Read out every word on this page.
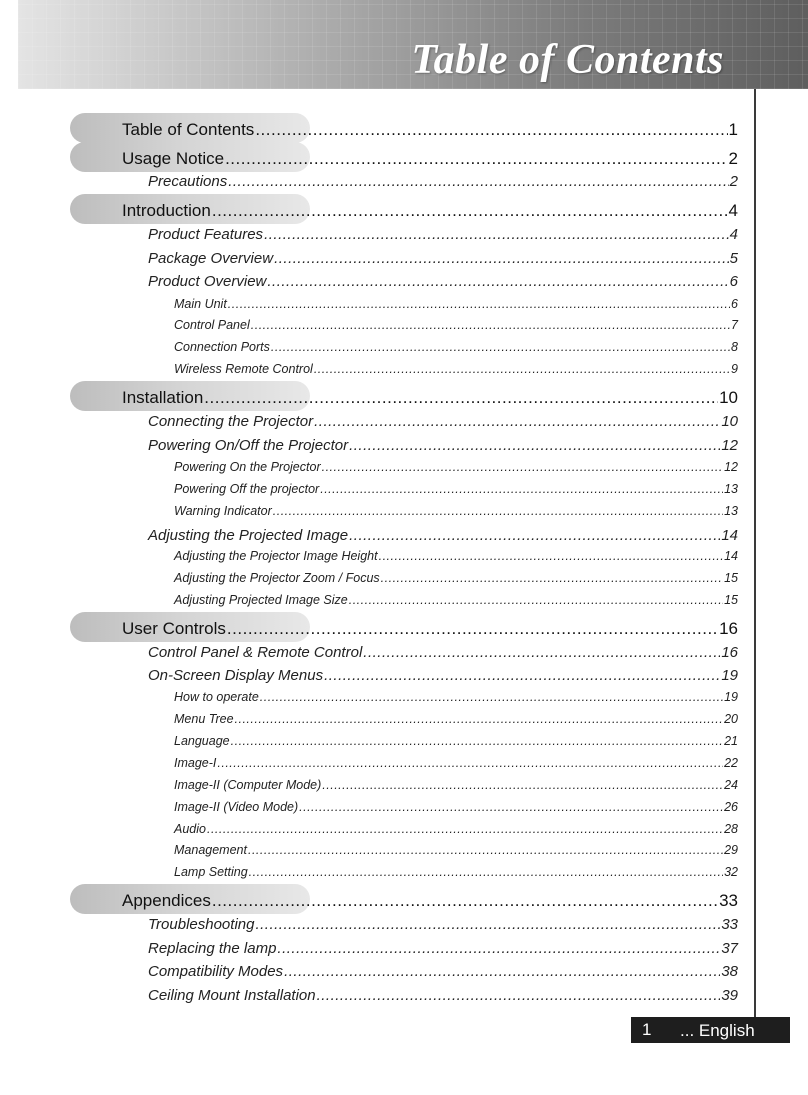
Table of Contents
Table of Contents .....	1
Usage Notice .....	2
Precautions .....	2
Introduction .....	4
Product Features .....	4
Package Overview .....	5
Product Overview .....	6
Main Unit .....	6
Control Panel .....	7
Connection Ports .....	8
Wireless Remote Control .....	9
Installation .....	10
Connecting the Projector .....	10
Powering On/Off the Projector .....	12
Powering On the Projector .....	12
Powering Off the projector .....	13
Warning Indicator .....	13
Adjusting the Projected Image .....	14
Adjusting the Projector Image Height .....	14
Adjusting the Projector Zoom / Focus .....	15
Adjusting Projected Image Size .....	15
User Controls .....	16
Control Panel & Remote Control .....	16
On-Screen Display Menus .....	19
How to operate .....	19
Menu Tree .....	20
Language .....	21
Image-I .....	22
Image-II (Computer Mode) .....	24
Image-II (Video Mode) .....	26
Audio .....	28
Management .....	29
Lamp Setting .....	32
Appendices .....	33
Troubleshooting .....	33
Replacing the lamp .....	37
Compatibility Modes .....	38
Ceiling Mount Installation .....	39
1 ... English
